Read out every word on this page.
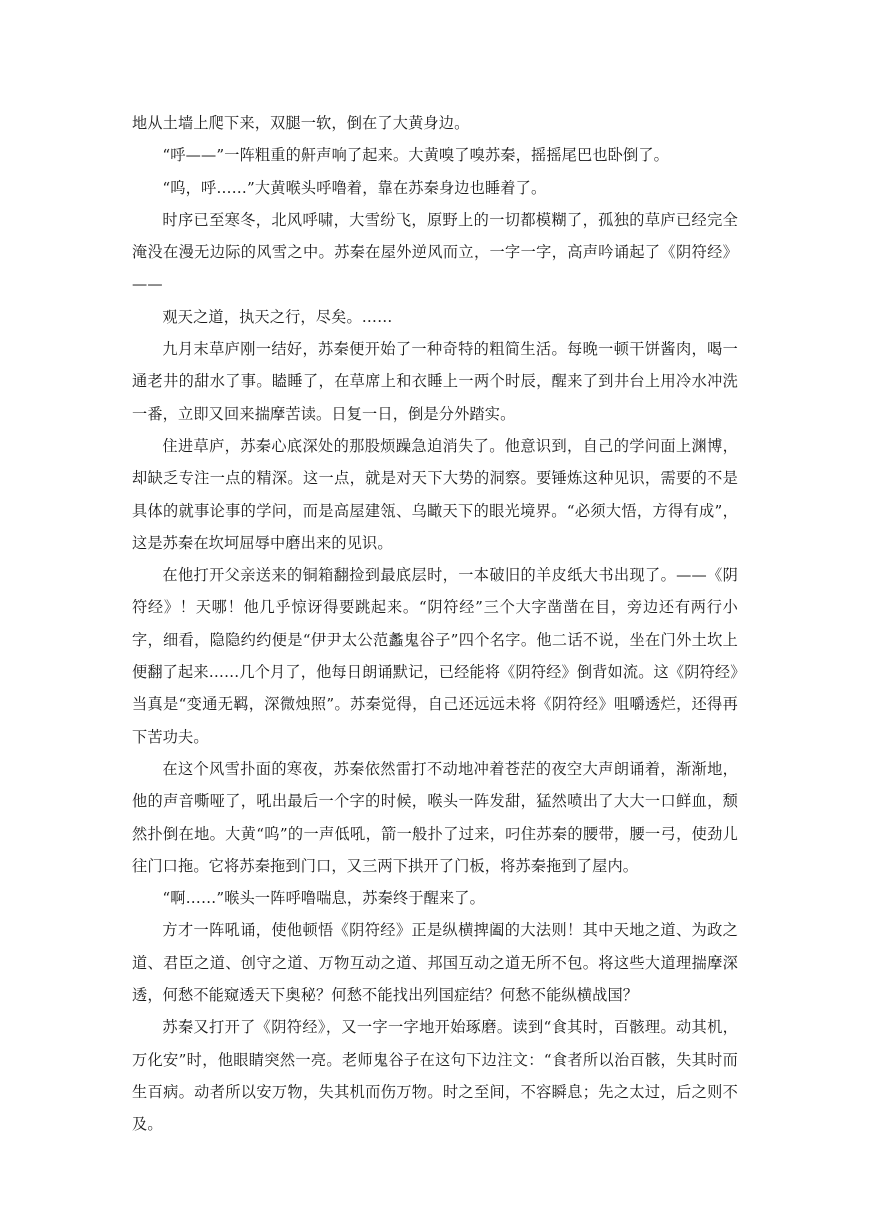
地从土墙上爬下来，双腿一软，倒在了大黄身边。

“呼——”一阵粗重的鼾声响了起来。大黄嗅了嗅苏秦，摇摇尾巴也卧倒了。

“呜，呼……”大黄喉头呼噜着，靠在苏秦身边也睡着了。

时序已至寒冬，北风呼啸，大雪纷飞，原野上的一切都模糊了，孤独的草庐已经完全淹没在漫无边际的风雪之中。苏秦在屋外逆风而立，一字一字，高声吟诵起了《阴符经》——

观天之道，执天之行，尽矣。……

九月末草庐刚一结好，苏秦便开始了一种奇特的粗简生活。每晚一顿干饼酱肉，喝一通老井的甜水了事。瞌睡了，在草席上和衣睡上一两个时辰，醒来了到井台上用冷水冲洗一番，立即又回来揣摩苦读。日复一日，倒是分外踏实。

住进草庐，苏秦心底深处的那股烦躁急迫消失了。他意识到，自己的学问面上渊博，却缺乏专注一点的精深。这一点，就是对天下大势的洞察。要锤炼这种见识，需要的不是具体的就事论事的学问，而是高屋建瓴、乌瞰天下的眼光境界。“必须大悟，方得有成”，这是苏秦在坎坷屈辱中磨出来的见识。

在他打开父亲送来的铜箱翻捡到最底层时，一本破旧的羊皮纸大书出现了。——《阴符经》！天哪！他几乎惊讶得要跳起来。“阴符经”三个大字凿凿在目，旁边还有两行小字，细看，隐隐约约便是“伊尹太公范蠡鬼谷子”四个名字。他二话不说，坐在门外土坎上便翻了起来……几个月了，他每日朗诵默记，已经能将《阴符经》倒背如流。这《阴符经》当真是“变通无羁，深微烛照”。苏秦觉得，自己还远远未将《阴符经》咀嚼透烂，还得再下苦功夫。

在这个风雪扑面的寒夜，苏秦依然雷打不动地冲着苍茫的夜空大声朗诵着，渐渐地，他的声音嘶哑了，吼出最后一个字的时候，喉头一阵发甜，猛然喷出了大大一口鲜血，颓然扑倒在地。大黄“呜”的一声低吼，箭一般扑了过来，叼住苏秦的腰带，腰一弓，使劲儿往门口拖。它将苏秦拖到门口，又三两下拱开了门板，将苏秦拖到了屋内。

“啊……”喉头一阵呼噜喘息，苏秦终于醒来了。

方才一阵吼诵，使他顿悟《阴符经》正是纵横捭阖的大法则！其中天地之道、为政之道、君臣之道、创守之道、万物互动之道、邦国互动之道无所不包。将这些大道理揣摩深透，何愁不能窥透天下奥秘？何愁不能找出列国症结？何愁不能纵横战国？

苏秦又打开了《阴符经》，又一字一字地开始琢磨。读到“食其时，百骸理。动其机，万化安”时，他眼睛突然一亮。老师鬼谷子在这句下边注文：“食者所以治百骸，失其时而生百病。动者所以安万物，失其机而伤万物。时之至间，不容瞬息；先之太过，后之则不及。
